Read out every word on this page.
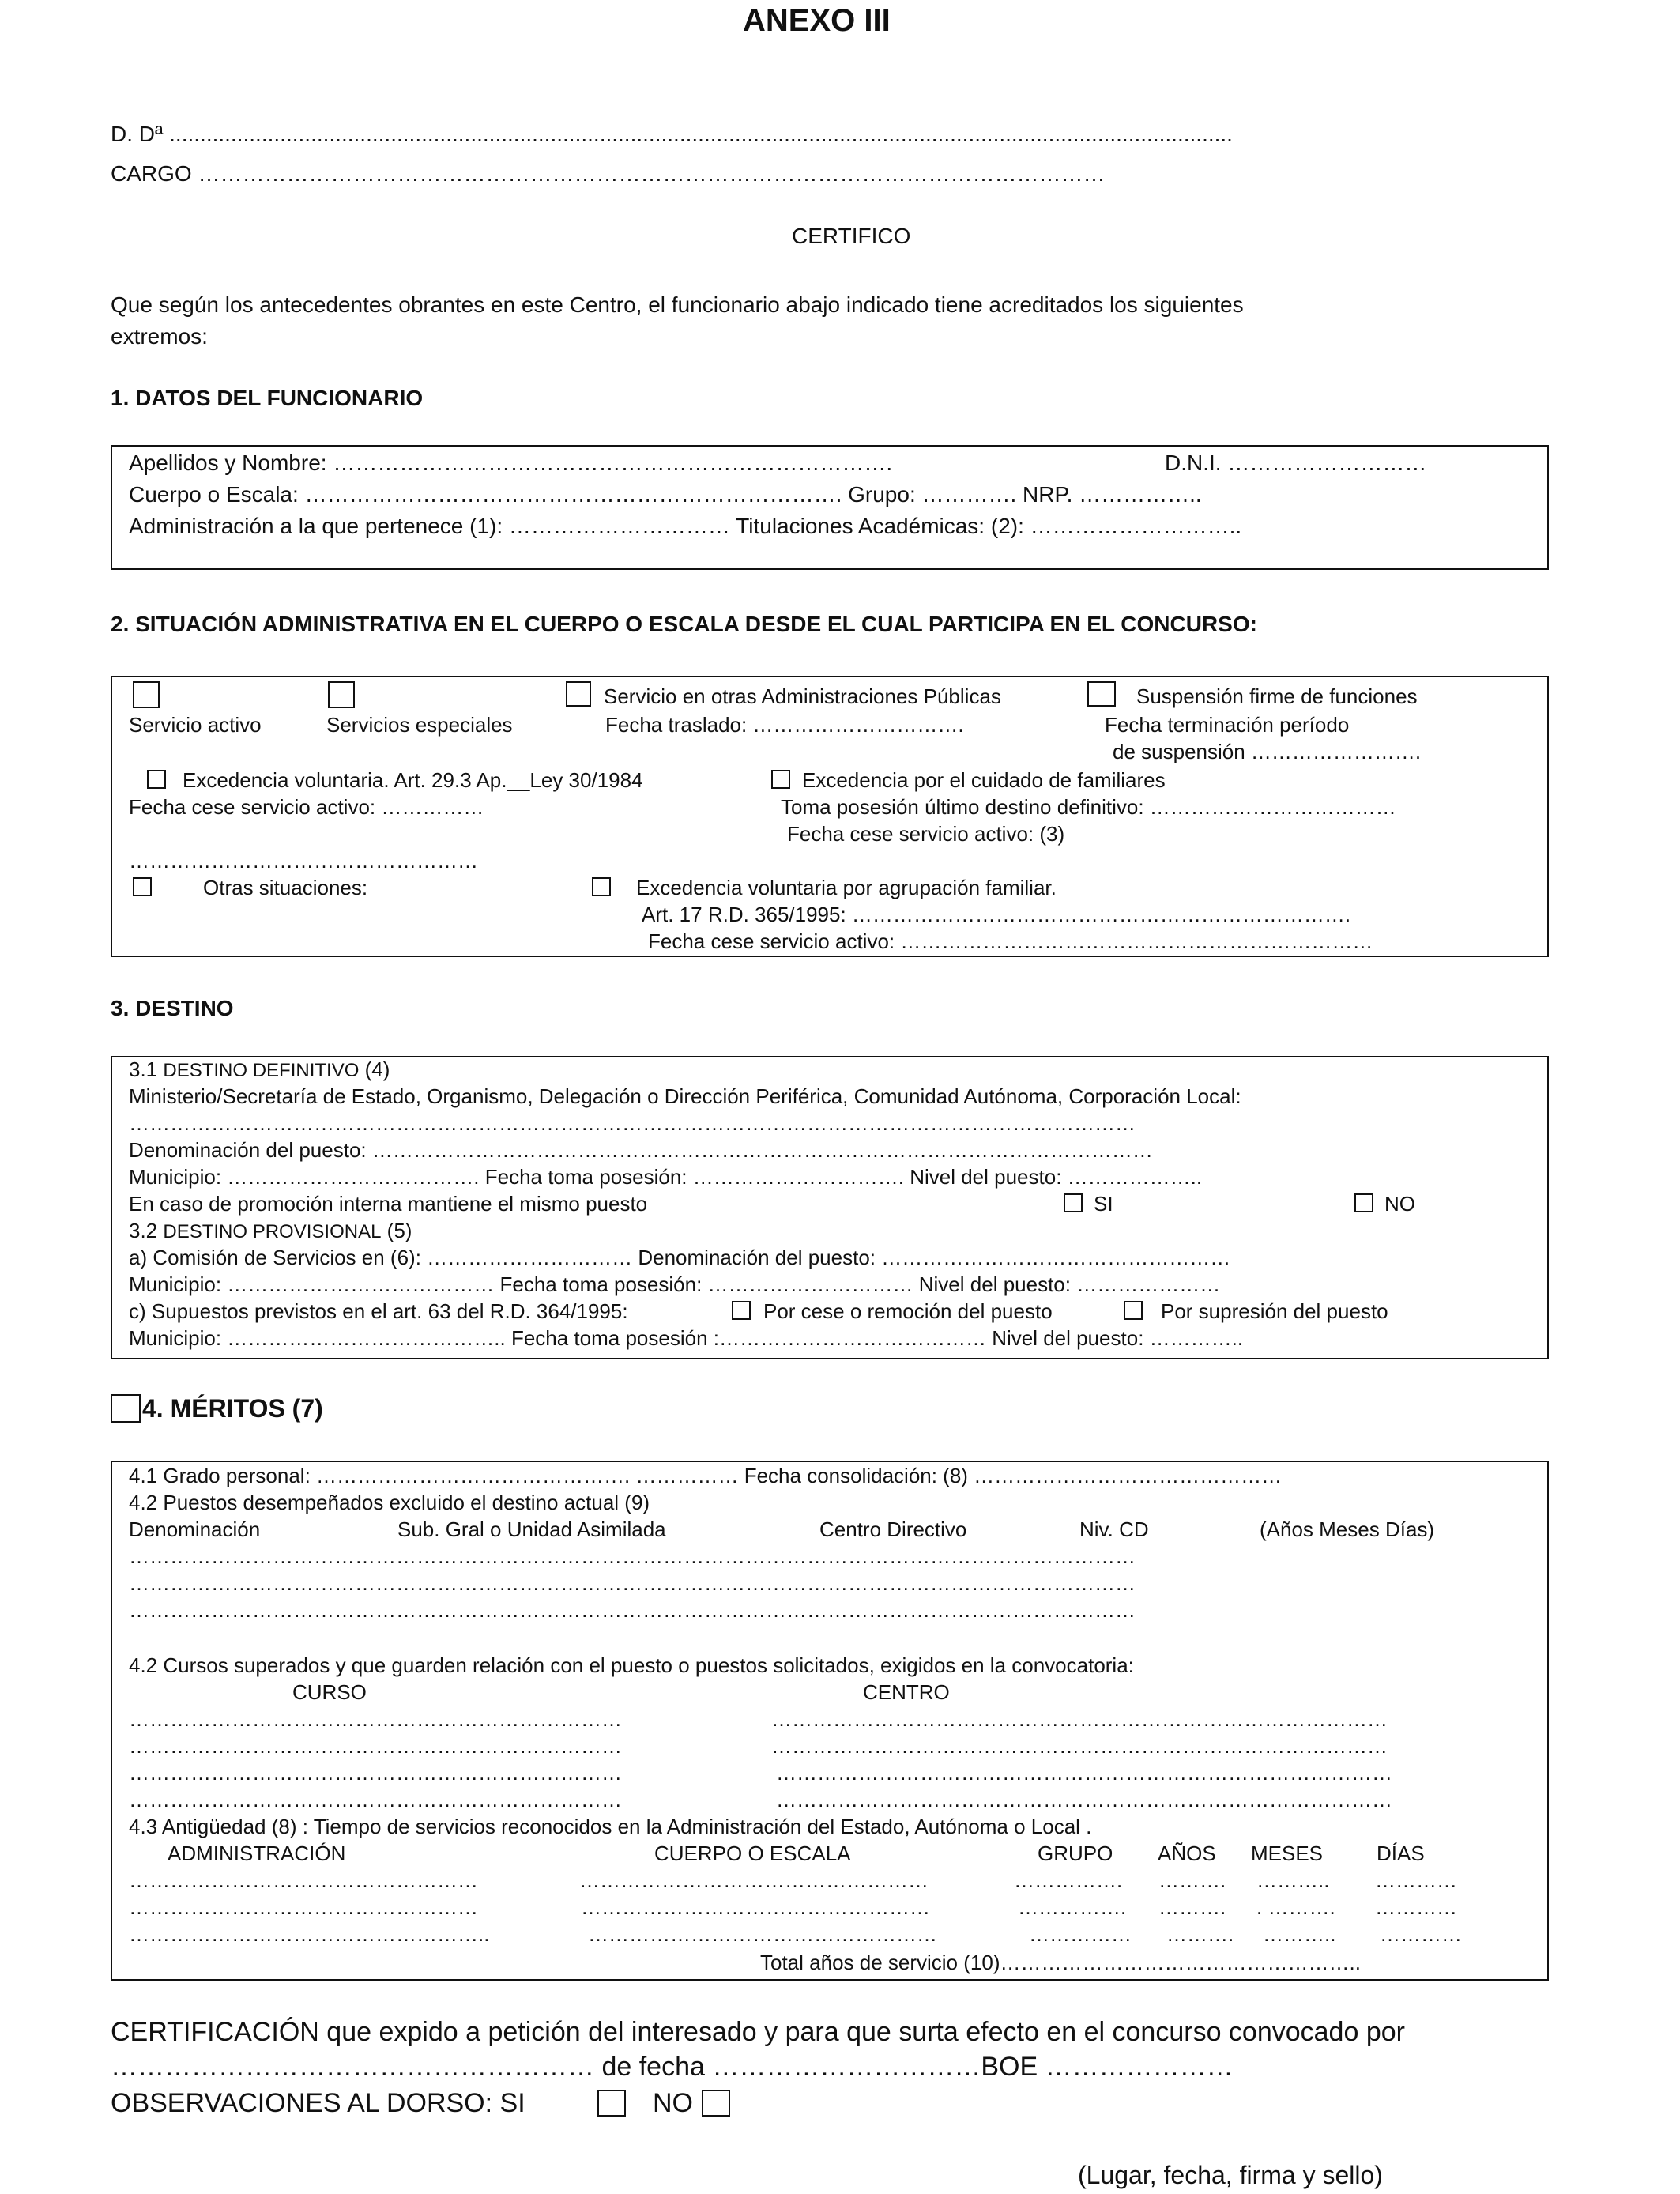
ANEXO III
D. Dª .............................................................................................................................................................................
CARGO ……………………………………………………………………………………………………………
CERTIFICO
Que según los antecedentes obrantes en este Centro, el funcionario abajo indicado tiene acreditados los siguientes
extremos:
1. DATOS DEL FUNCIONARIO
Apellidos y Nombre: ………………………………………………………………….	D.N.I. ………………………
Cuerpo o Escala: ………………………………………………………………. Grupo: …………. NRP. ……………..
Administración a la que pertenece (1): ………………………… Titulaciones Académicas: (2): ………………………..
2. SITUACIÓN ADMINISTRATIVA EN EL CUERPO O ESCALA DESDE EL CUAL PARTICIPA EN EL CONCURSO:
Servicio en otras Administraciones Públicas	Suspensión firme de funciones
Servicio activo	Servicios especiales	Fecha traslado: ………………………….	Fecha terminación período
de suspensión …………………….
Excedencia voluntaria. Art. 29.3 Ap.__Ley 30/1984	Excedencia por el cuidado de familiares
Fecha cese servicio activo: ……………	Toma posesión último destino definitivo: ………………………………
Fecha cese servicio activo: (3)
……………………………………………
Otras situaciones:	Excedencia voluntaria por agrupación familiar.
Art. 17 R.D. 365/1995: ……………………………………………………………….
Fecha cese servicio activo: ……………………………………………………………
3. DESTINO
3.1 DESTINO DEFINITIVO (4)
Ministerio/Secretaría de Estado, Organismo, Delegación o Dirección Periférica, Comunidad Autónoma, Corporación Local:
…………………………………………………………………………………………………………………………………
Denominación del puesto: ……………………………………………………………………………………………………
Municipio: ………………………………. Fecha toma posesión: …………………………. Nivel del puesto: ………………..
En caso de promoción interna mantiene el mismo puesto	SI	NO
3.2 DESTINO PROVISIONAL (5)
a) Comisión de Servicios en (6): ………………………… Denominación del puesto: ……………………………………………
Municipio: ………………………………… Fecha toma posesión: ………………………… Nivel del puesto: …………………
c) Supuestos previstos en el art. 63 del R.D. 364/1995:	Por cese o remoción del puesto	Por supresión del puesto
Municipio: ………………………………….. Fecha toma posesión :………………………………… Nivel del puesto: …………..
4. MÉRITOS (7)
4.1 Grado personal: ………………………………………. …………… Fecha consolidación: (8) ………………………………………
4.2 Puestos desempeñados excluido el destino actual (9)
Denominación	Sub. Gral o Unidad Asimilada	Centro Directivo	Niv. CD	(Años Meses Días)
…………………………………………………………………………………………………………………………………
…………………………………………………………………………………………………………………………………
…………………………………………………………………………………………………………………………………
4.2 Cursos superados y que guarden relación con el puesto o puestos solicitados, exigidos en la convocatoria:
CURSO	CENTRO
………………………………………………………………	………………………………………………………………………………
………………………………………………………………	………………………………………………………………………………
………………………………………………………………	………………………………………………………………………………
………………………………………………………………	………………………………………………………………………………
4.3 Antigüedad (8) : Tiempo de servicios reconocidos en la Administración del Estado, Autónoma o Local .
ADMINISTRACIÓN	CUERPO O ESCALA	GRUPO AÑOS MESES	DÍAS
……………………………………………	……………………………………………	……………. ………. ……….. …………
……………………………………………	……………………………………………	……………. ………. . ………. …………
……………………………………………..	……………………………………………	…………… ………. ……….. …………
Total años de servicio (10)……………………………………………..
CERTIFICACIÓN que expido a petición del interesado y para que surta efecto en el concurso convocado por
……………………………………………… de fecha …………………………BOE …………………
OBSERVACIONES AL DORSO: SI	NO
(Lugar, fecha, firma y sello)
